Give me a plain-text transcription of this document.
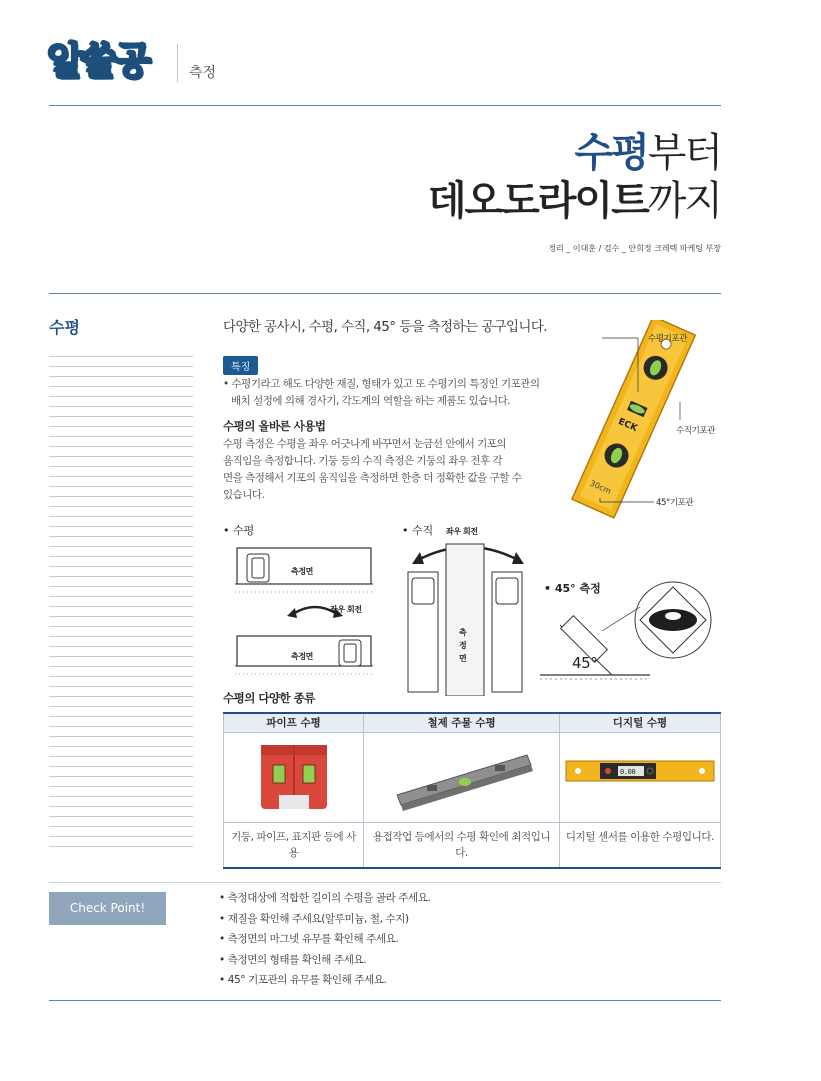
알쓸공	측정
수평부터
데오도라이트까지
정리 _ 이대훈 / 검수 _ 안희정 크레텍 마케팅 부장
수평	다양한 공사시, 수평, 수직, 45° 등을 측정하는 공구입니다.
특징
• 수평기라고 해도 다양한 재질, 형태가 있고 또 수평기의 특징인 기포관의
배치 설정에 의해 경사기, 각도계의 역할을 하는 제품도 있습니다.
수평의 올바른 사용법
수평 측정은 수평을 좌우 어긋나게 바꾸면서 눈금선 안에서 기포의
움직임을 측정합니다. 기둥 등의 수직 측정은 기둥의 좌우 전후 각
면을 측정해서 기포의 움직임을 측정하면 한층 더 정확한 값을 구할 수
있습니다.
ECK
30cm
수평기포관
수직기포관
45°기포관
• 수평
측정면
좌우 회전
측정면
• 수직 좌우 회전
측
정
면
• 45° 측정
45°
수평의 다양한 종류
파이프 수평	철제 주물 수평	디지털 수평

0.00

기둥, 파이프, 표지판 등에 사용	용접작업 등에서의 수평 확인에 최적입니다.	디지털 센서를 이용한 수평입니다.
Check Point!
• 측정대상에 적합한 길이의 수평을 골라 주세요.
• 재질을 확인해 주세요(알루미늄, 철, 수지)
• 측정면의 마그넷 유무를 확인해 주세요.
• 측정면의 형태를 확인해 주세요.
• 45° 기포관의 유무를 확인해 주세요.
